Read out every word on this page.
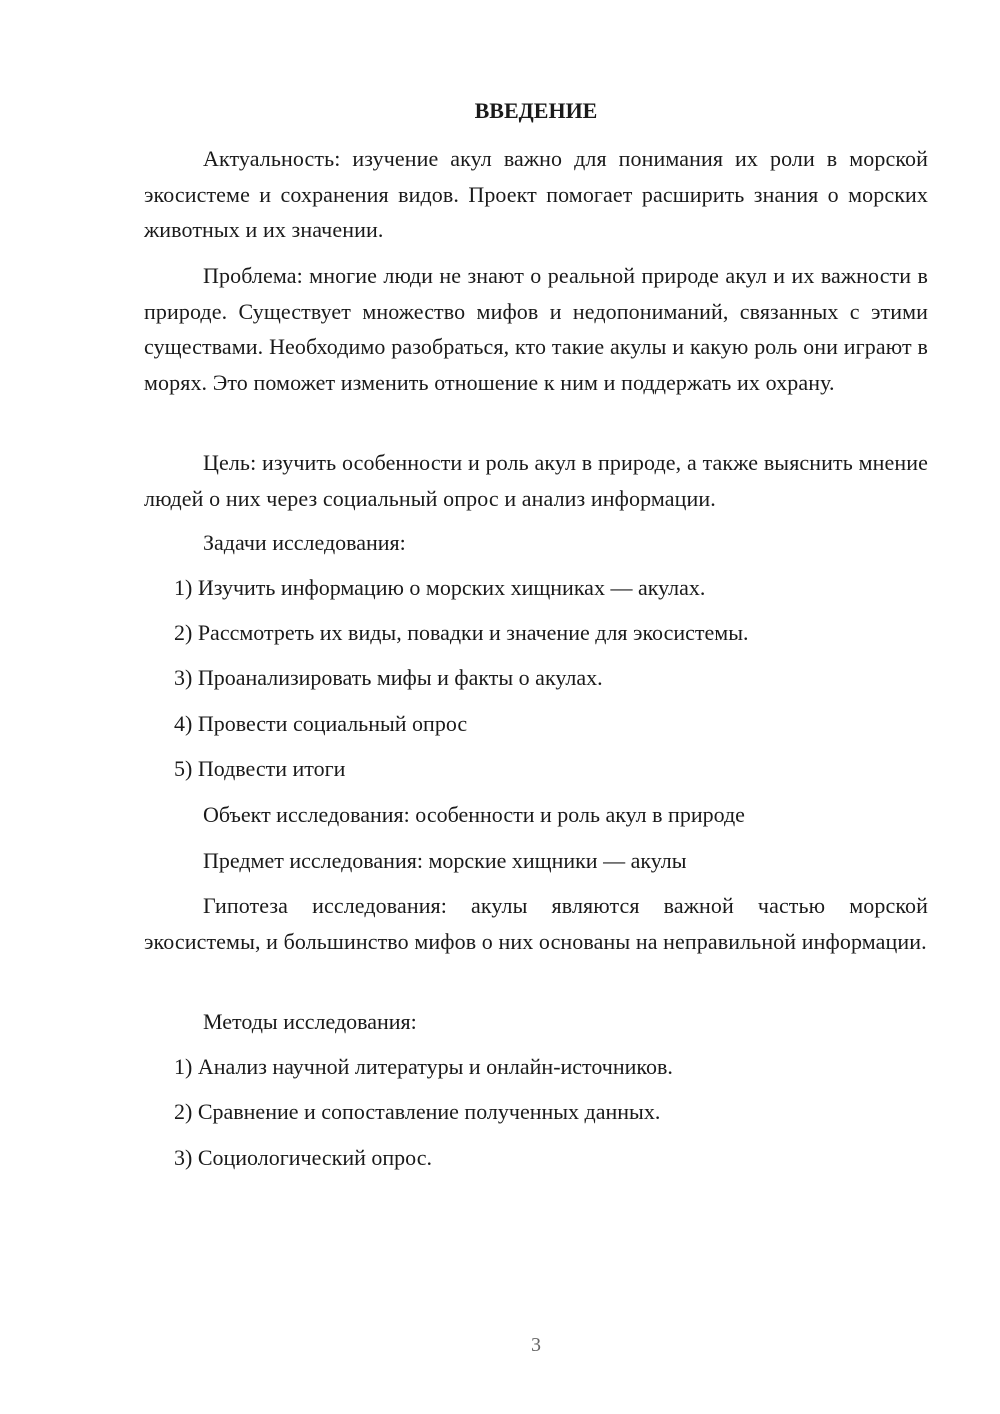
ВВЕДЕНИЕ

Актуальность: изучение акул важно для понимания их роли в морской экосистеме и сохранения видов. Проект помогает расширить знания о морских животных и их значении.

Проблема: многие люди не знают о реальной природе акул и их важности в природе. Существует множество мифов и недопониманий, связанных с этими существами. Необходимо разобраться, кто такие акулы и какую роль они играют в морях. Это поможет изменить отношение к ним и поддержать их охрану.

Цель: изучить особенности и роль акул в природе, а также выяснить мнение людей о них через социальный опрос и анализ информации.

Задачи исследования:
1) Изучить информацию о морских хищниках — акулах.
2) Рассмотреть их виды, повадки и значение для экосистемы.
3) Проанализировать мифы и факты о акулах.
4) Провести социальный опрос
5) Подвести итоги
Объект исследования: особенности и роль акул в природе
Предмет исследования: морские хищники — акулы

Гипотеза исследования: акулы являются важной частью морской экосистемы, и большинство мифов о них основаны на неправильной информации.

Методы исследования:
1) Анализ научной литературы и онлайн-источников.
2) Сравнение и сопоставление полученных данных.
3) Социологический опрос.
3
